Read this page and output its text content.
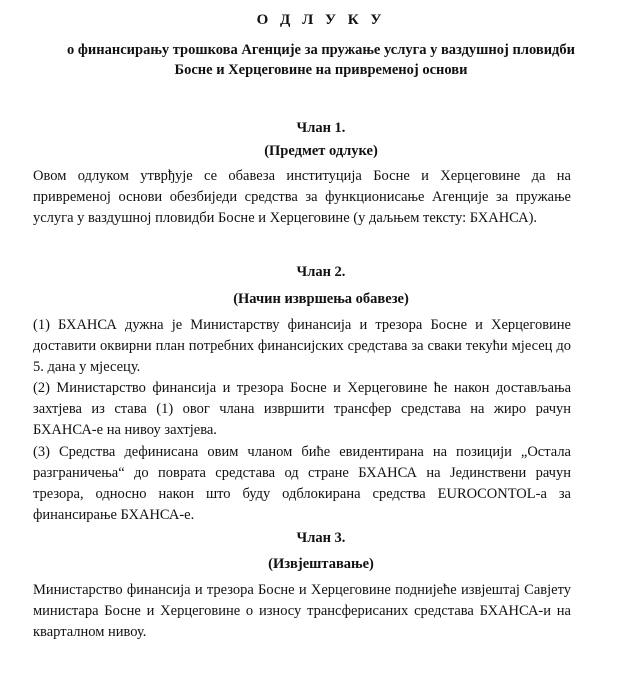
О Д Л У К У
о финансирању трошкова Агенције за пружање услуга у ваздушној пловидби
Босне и Херцеговине на привременој основи
Члан 1.
(Предмет одлуке)
Овом одлуком утврђује се обавеза институција Босне и Херцеговине да на привременој основи обезбиједи средства за функционисање Агенције за пружање услуга у ваздушној пловидби Босне и Херцеговине (у даљњем тексту: БХАНСА).
Члан 2.
(Начин извршења обавезе)
(1) БХАНСА дужна је Министарству финансија и трезора Босне и Херцеговине доставити оквирни план потребних финансијских средстава за сваки текући мјесец до 5. дана у мјесецу.
(2) Министарство финансија и трезора Босне и Херцеговине ће након достављања захтјева из става (1) овог члана извршити трансфер средстава на жиро рачун БХАНСА-е на нивоу захтјева.
(3) Средства дефинисана овим чланом биће евидентирана на позицији „Остала разграничења“ до повратa средстава од стране БХАНСА на Јединствени рачун трезора, односно након што буду одблокирана средства EUROCONTOL-а за финансирање БХАНСА-е.
Члан 3.
(Извјештавање)
Министарство финансија и трезора Босне и Херцеговине поднијеће извјештај Савјету министара Босне и Херцеговине о износу трансферисаних средстава БХАНСА-и на кварталном нивоу.
